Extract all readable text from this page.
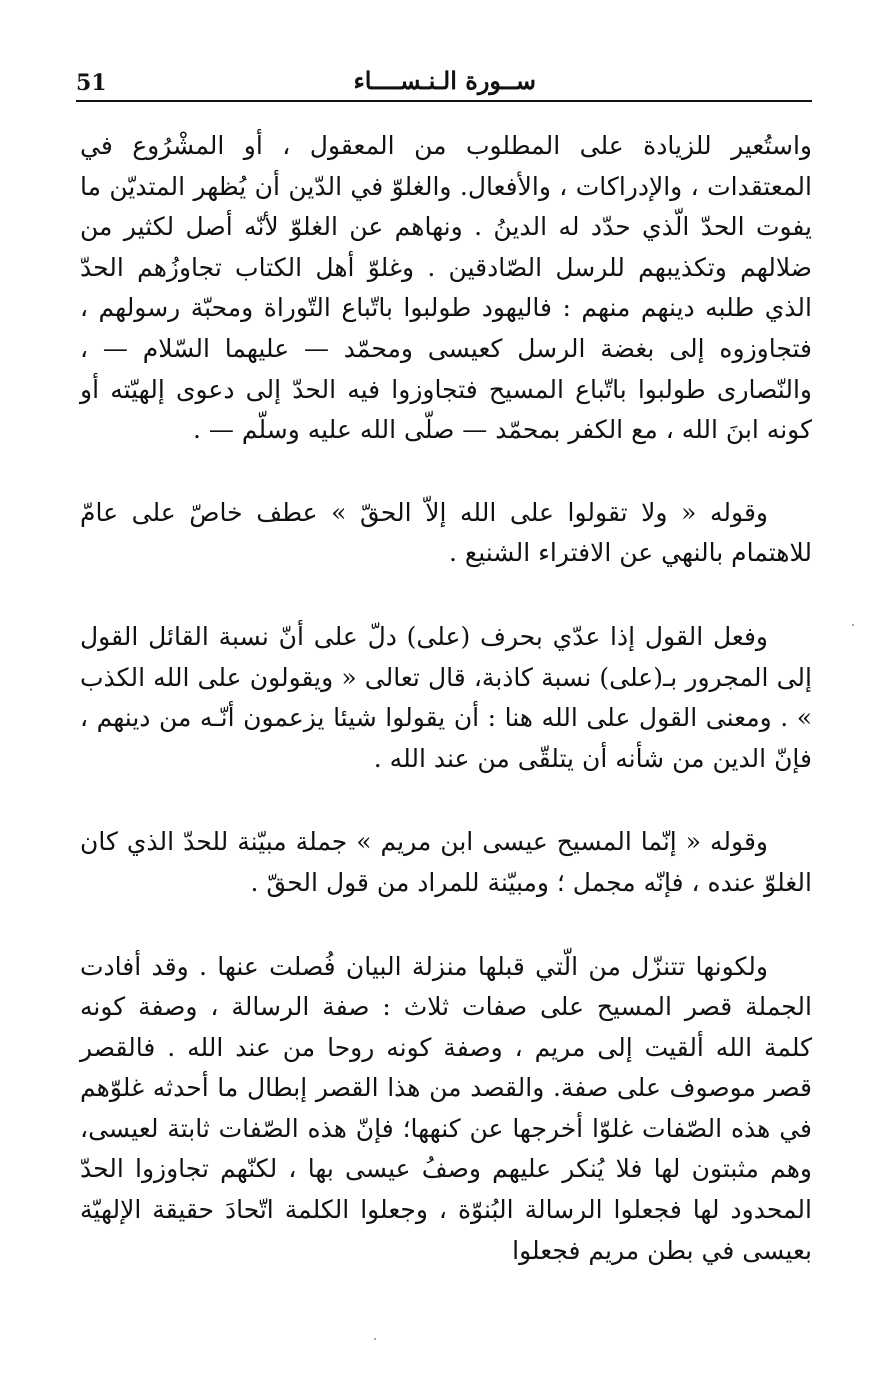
51	ســورة الـنـســــاء

واستُعير للزيادة على المطلوب من المعقول ، أو المشْرُوع في المعتقدات ، والإدراكات ، والأفعال. والغلوّ في الدّين أن يُظهر المتديّن ما يفوت الحدّ الّذي حدّد له الدينُ . ونهاهم عن الغلوّ لأنّه أصل لكثير من ضلالهم وتكذيبهم للرسل الصّادقين . وغلوّ أهل الكتاب تجاوزُهم الحدّ الذي طلبه دينهم منهم : فاليهود طولبوا باتّباع التّوراة ومحبّة رسولهم ، فتجاوزوه إلى بغضة الرسل كعيسى ومحمّد — عليهما السّلام — ، والنّصارى طولبوا باتّباع المسيح فتجاوزوا فيه الحدّ إلى دعوى إلهيّته أو كونه ابنَ الله ، مع الكفر بمحمّد — صلّى الله عليه وسلّم — .

وقوله « ولا تقولوا على الله إلاّ الحقّ » عطف خاصّ على عامّ للاهتمام بالنهي عن الافتراء الشنيع .

وفعل القول إذا عدّي بحرف (على) دلّ على أنّ نسبة القائل القول إلى المجرور بـ(على) نسبة كاذبة، قال تعالى « ويقولون على الله الكذب » . ومعنى القول على الله هنا : أن يقولوا شيئا يزعمون أنّـه من دينهم ، فإنّ الدين من شأنه أن يتلقّى من عند الله .

وقوله « إنّما المسيح عيسى ابن مريم » جملة مبيّنة للحدّ الذي كان الغلوّ عنده ، فإنّه مجمل ؛ ومبيّنة للمراد من قول الحقّ .

ولكونها تتنزّل من الّتي قبلها منزلة البيان فُصلت عنها . وقد أفادت الجملة قصر المسيح على صفات ثلاث : صفة الرسالة ، وصفة كونه كلمة الله ألقيت إلى مريم ، وصفة كونه روحا من عند الله . فالقصر قصر موصوف على صفة. والقصد من هذا القصر إبطال ما أحدثه غلوّهم في هذه الصّفات غلوّا أخرجها عن كنهها؛ فإنّ هذه الصّفات ثابتة لعيسى، وهم مثبتون لها فلا يُنكر عليهم وصفُ عيسى بها ، لكنّهم تجاوزوا الحدّ المحدود لها فجعلوا الرسالة البُنوّة ، وجعلوا الكلمة اتّحادَ حقيقة الإلهيّة بعيسى في بطن مريم فجعلوا
